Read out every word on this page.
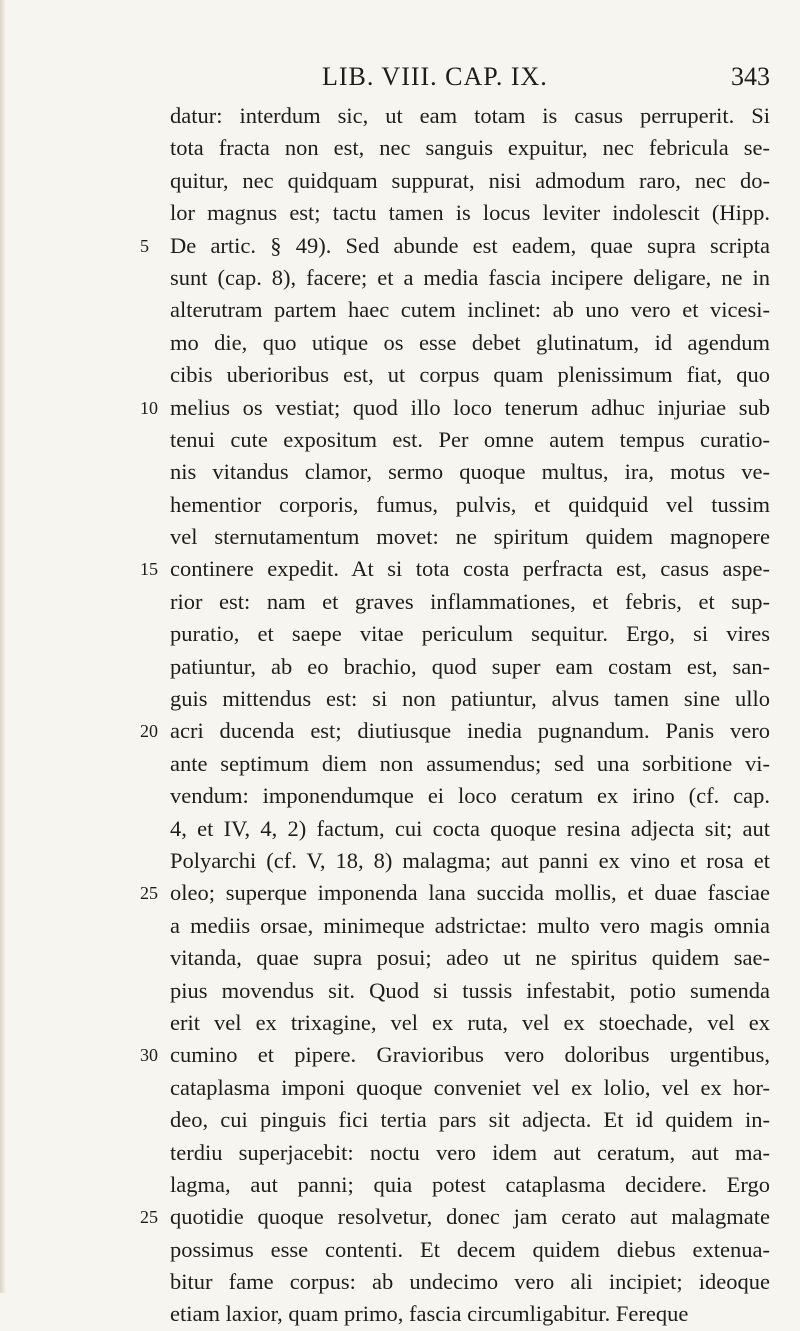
LIB. VIII. CAP. IX.	343
datur: interdum sic, ut eam totam is casus perruperit. Si
tota fracta non est, nec sanguis expuitur, nec febricula se-
quitur, nec quidquam suppurat, nisi admodum raro, nec do-
lor magnus est; tactu tamen is locus leviter indolescit (Hipp.
5 De artic. § 49). Sed abunde est eadem, quae supra scripta
sunt (cap. 8), facere; et a media fascia incipere deligare, ne in
alterutram partem haec cutem inclinet: ab uno vero et vicesi-
mo die, quo utique os esse debet glutinatum, id agendum
cibis uberioribus est, ut corpus quam plenissimum fiat, quo
10 melius os vestiat; quod illo loco tenerum adhuc injuriae sub
tenui cute expositum est. Per omne autem tempus curatio-
nis vitandus clamor, sermo quoque multus, ira, motus ve-
hementior corporis, fumus, pulvis, et quidquid vel tussim
vel sternutamentum movet: ne spiritum quidem magnopere
15 continere expedit. At si tota costa perfracta est, casus aspe-
rior est: nam et graves inflammationes, et febris, et sup-
puratio, et saepe vitae periculum sequitur. Ergo, si vires
patiuntur, ab eo brachio, quod super eam costam est, san-
guis mittendus est: si non patiuntur, alvus tamen sine ullo
20 acri ducenda est; diutiusque inedia pugnandum. Panis vero
ante septimum diem non assumendus; sed una sorbitione vi-
vendum: imponendumque ei loco ceratum ex irino (cf. cap.
4, et IV, 4, 2) factum, cui cocta quoque resina adjecta sit; aut
Polyarchi (cf. V, 18, 8) malagma; aut panni ex vino et rosa et
25 oleo; superque imponenda lana succida mollis, et duae fasciae
a mediis orsae, minimeque adstrictae: multo vero magis omnia
vitanda, quae supra posui; adeo ut ne spiritus quidem sae-
pius movendus sit. Quod si tussis infestabit, potio sumenda
erit vel ex trixagine, vel ex ruta, vel ex stoechade, vel ex
30 cumino et pipere. Gravioribus vero doloribus urgentibus,
cataplasma imponi quoque conveniet vel ex lolio, vel ex hor-
deo, cui pinguis fici tertia pars sit adjecta. Et id quidem in-
terdiu superjacebit: noctu vero idem aut ceratum, aut ma-
lagma, aut panni; quia potest cataplasma decidere. Ergo
25 quotidie quoque resolvetur, donec jam cerato aut malagmate
possimus esse contenti. Et decem quidem diebus extenua-
bitur fame corpus: ab undecimo vero ali incipiet; ideoque
etiam laxior, quam primo, fascia circumligabitur. Fereque
